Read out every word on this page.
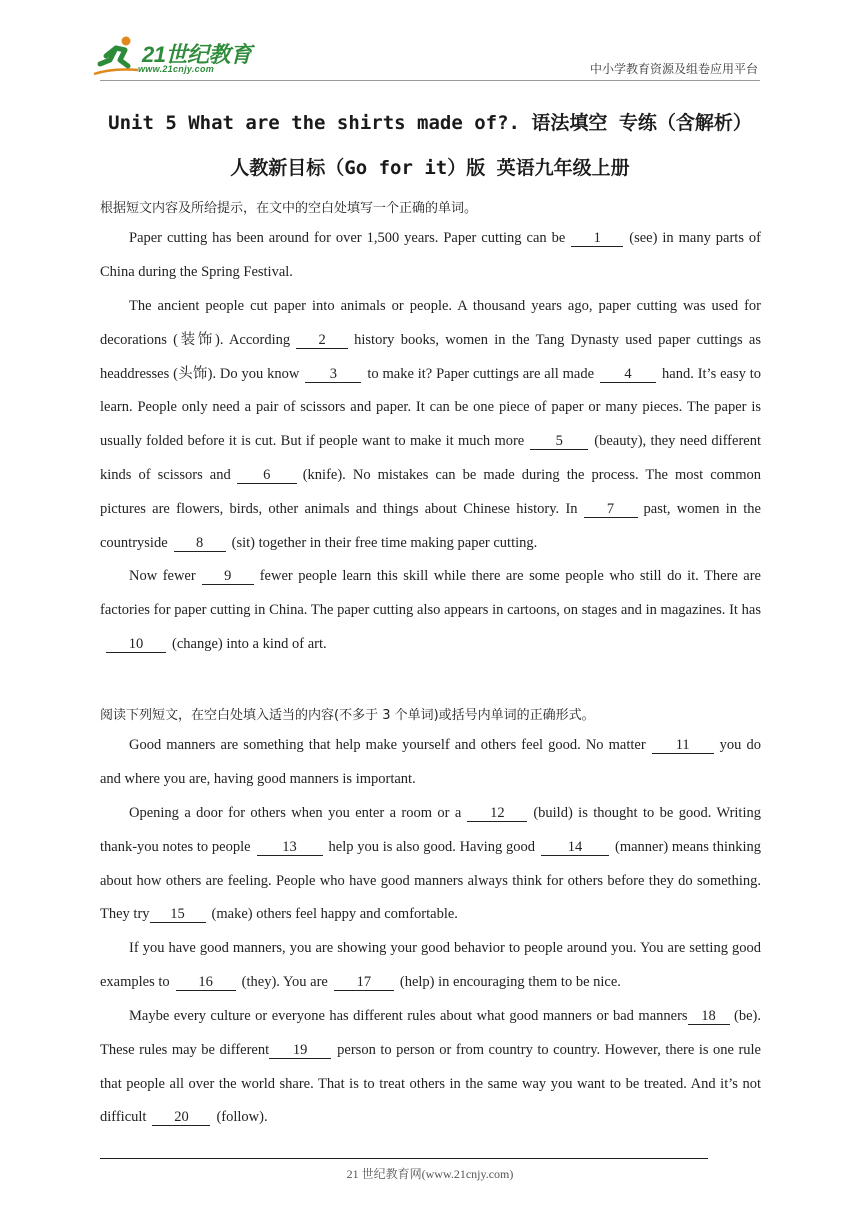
21世纪教育
www.21cnjy.com	中小学教育资源及组卷应用平台
Unit 5 What are the shirts made of?. 语法填空 专练（含解析）
人教新目标（Go for it）版 英语九年级上册
根据短文内容及所给提示，在文中的空白处填写一个正确的单词。
Paper cutting has been around for over 1,500 years. Paper cutting can be 1 (see) in many parts of China during the Spring Festival.
The ancient people cut paper into animals or people. A thousand years ago, paper cutting was used for decorations (装饰). According 2 history books, women in the Tang Dynasty used paper cuttings as headdresses (头饰). Do you know 3 to make it? Paper cuttings are all made 4 hand. It’s easy to learn. People only need a pair of scissors and paper. It can be one piece of paper or many pieces. The paper is usually folded before it is cut. But if people want to make it much more 5 (beauty), they need different kinds of scissors and 6 (knife). No mistakes can be made during the process. The most common pictures are flowers, birds, other animals and things about Chinese history. In 7 past, women in the countryside 8 (sit) together in their free time making paper cutting.
Now fewer 9 fewer people learn this skill while there are some people who still do it. There are factories for paper cutting in China. The paper cutting also appears in cartoons, on stages and in magazines. It has10 (change) into a kind of art.
阅读下列短文，在空白处填入适当的内容(不多于 3 个单词)或括号内单词的正确形式。
Good manners are something that help make yourself and others feel good. No matter 11 you do and where you are, having good manners is important.
Opening a door for others when you enter a room or a 12 (build) is thought to be good. Writing thank-you notes to people 13 help you is also good. Having good 14 (manner) means thinking about how others are feeling. People who have good manners always think for others before they do something. They try 15 (make) others feel happy and comfortable.
If you have good manners, you are showing your good behavior to people around you. You are setting good examples to 16 (they). You are 17 (help) in encouraging them to be nice.
Maybe every culture or everyone has different rules about what good manners or bad manners 18 (be). These rules may be different 19 person to person or from country to country. However, there is one rule that people all over the world share. That is to treat others in the same way you want to be treated. And it’s not difficult 20 (follow).
21 世纪教育网(www.21cnjy.com)
